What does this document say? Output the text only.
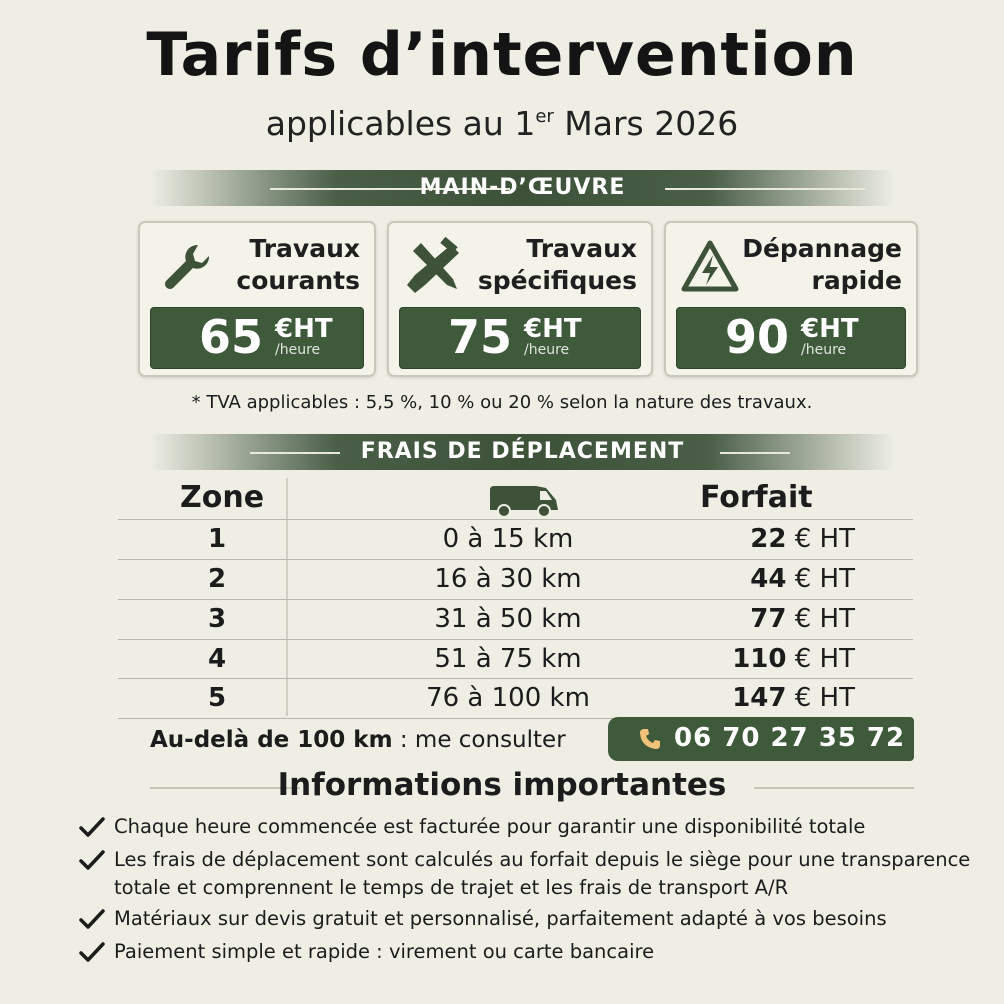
Tarifs d’intervention
applicables au 1er Mars 2026
MAIN-D’ŒUVRE
Travaux
courants
65 €HT
/heure
Travaux
spécifiques
75 €HT
/heure
Dépannage
rapide
90 €HT
/heure
* TVA applicables : 5,5 %, 10 % ou 20 % selon la nature des travaux.
FRAIS DE DÉPLACEMENT
Zone	Forfait
1	0 à 15 km	22 € HT
2	16 à 30 km	44 € HT
3	31 à 50 km	77 € HT
4	51 à 75 km	110 € HT
5	76 à 100 km	147 € HT
Au-delà de 100 km : me consulter	06 70 27 35 72
Informations importantes
Chaque heure commencée est facturée pour garantir une disponibilité totale
Les frais de déplacement sont calculés au forfait depuis le siège pour une transparence totale et comprennent le temps de trajet et les frais de transport A/R
Matériaux sur devis gratuit et personnalisé, parfaitement adapté à vos besoins
Paiement simple et rapide : virement ou carte bancaire
